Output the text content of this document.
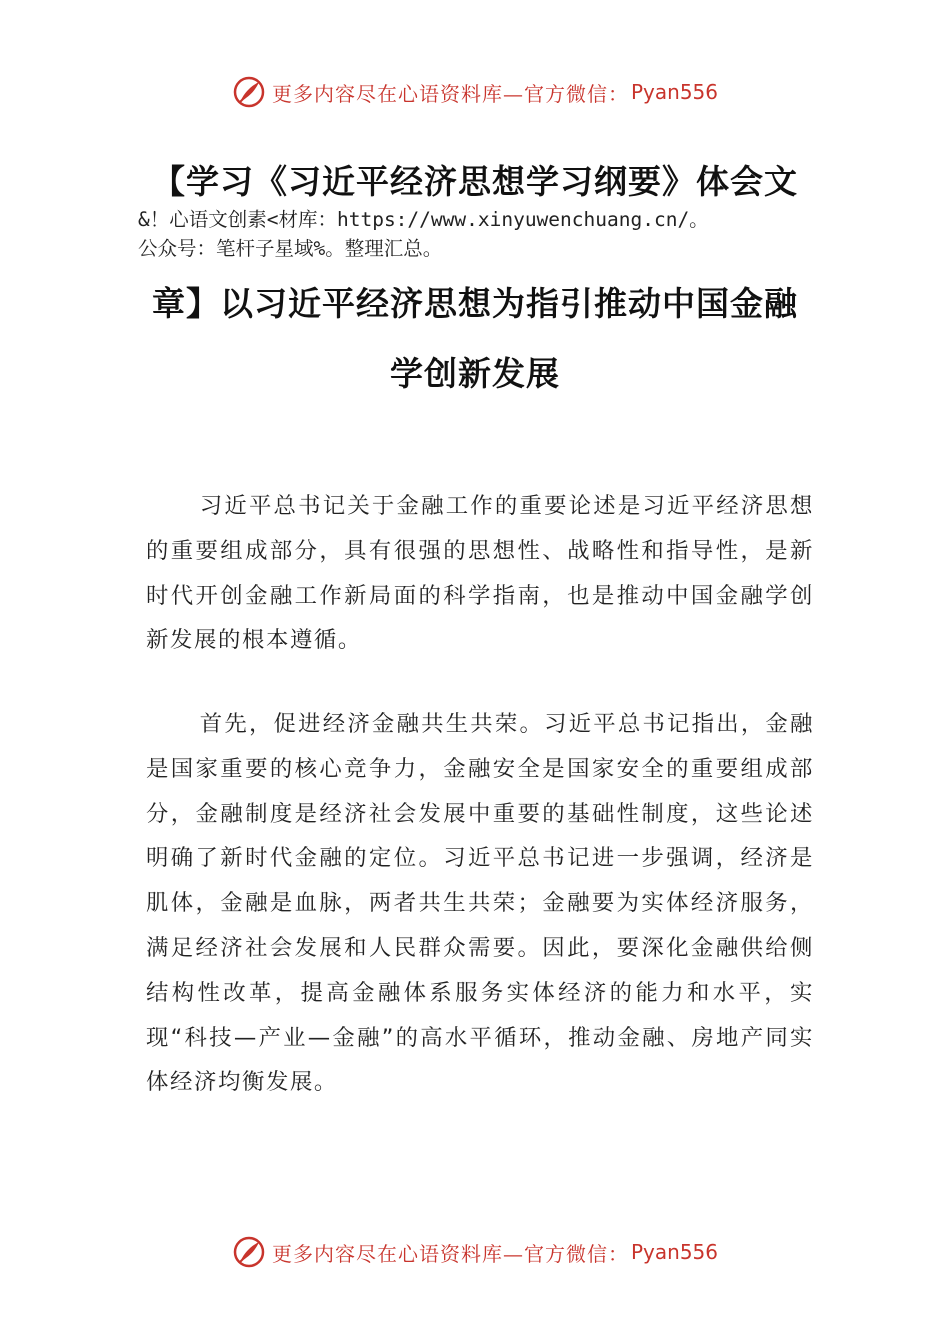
更多内容尽在心语资料库—官方微信： Pyan556
【学习《习近平经济思想学习纲要》体会文
&！心语文创素<材库：https://www.xinyuwenchuang.cn/。
公众号：笔杆子星域%。整理汇总。
章】以习近平经济思想为指引推动中国金融
学创新发展

习近平总书记关于金融工作的重要论述是习近平经济思想的重要组成部分，具有很强的思想性、战略性和指导性，是新时代开创金融工作新局面的科学指南，也是推动中国金融学创新发展的根本遵循。

首先，促进经济金融共生共荣。习近平总书记指出，金融是国家重要的核心竞争力，金融安全是国家安全的重要组成部分，金融制度是经济社会发展中重要的基础性制度，这些论述明确了新时代金融的定位。习近平总书记进一步强调，经济是肌体，金融是血脉，两者共生共荣；金融要为实体经济服务，满足经济社会发展和人民群众需要。因此，要深化金融供给侧结构性改革，提高金融体系服务实体经济的能力和水平，实现“科技—产业—金融”的高水平循环，推动金融、房地产同实体经济均衡发展。

更多内容尽在心语资料库—官方微信： Pyan556
